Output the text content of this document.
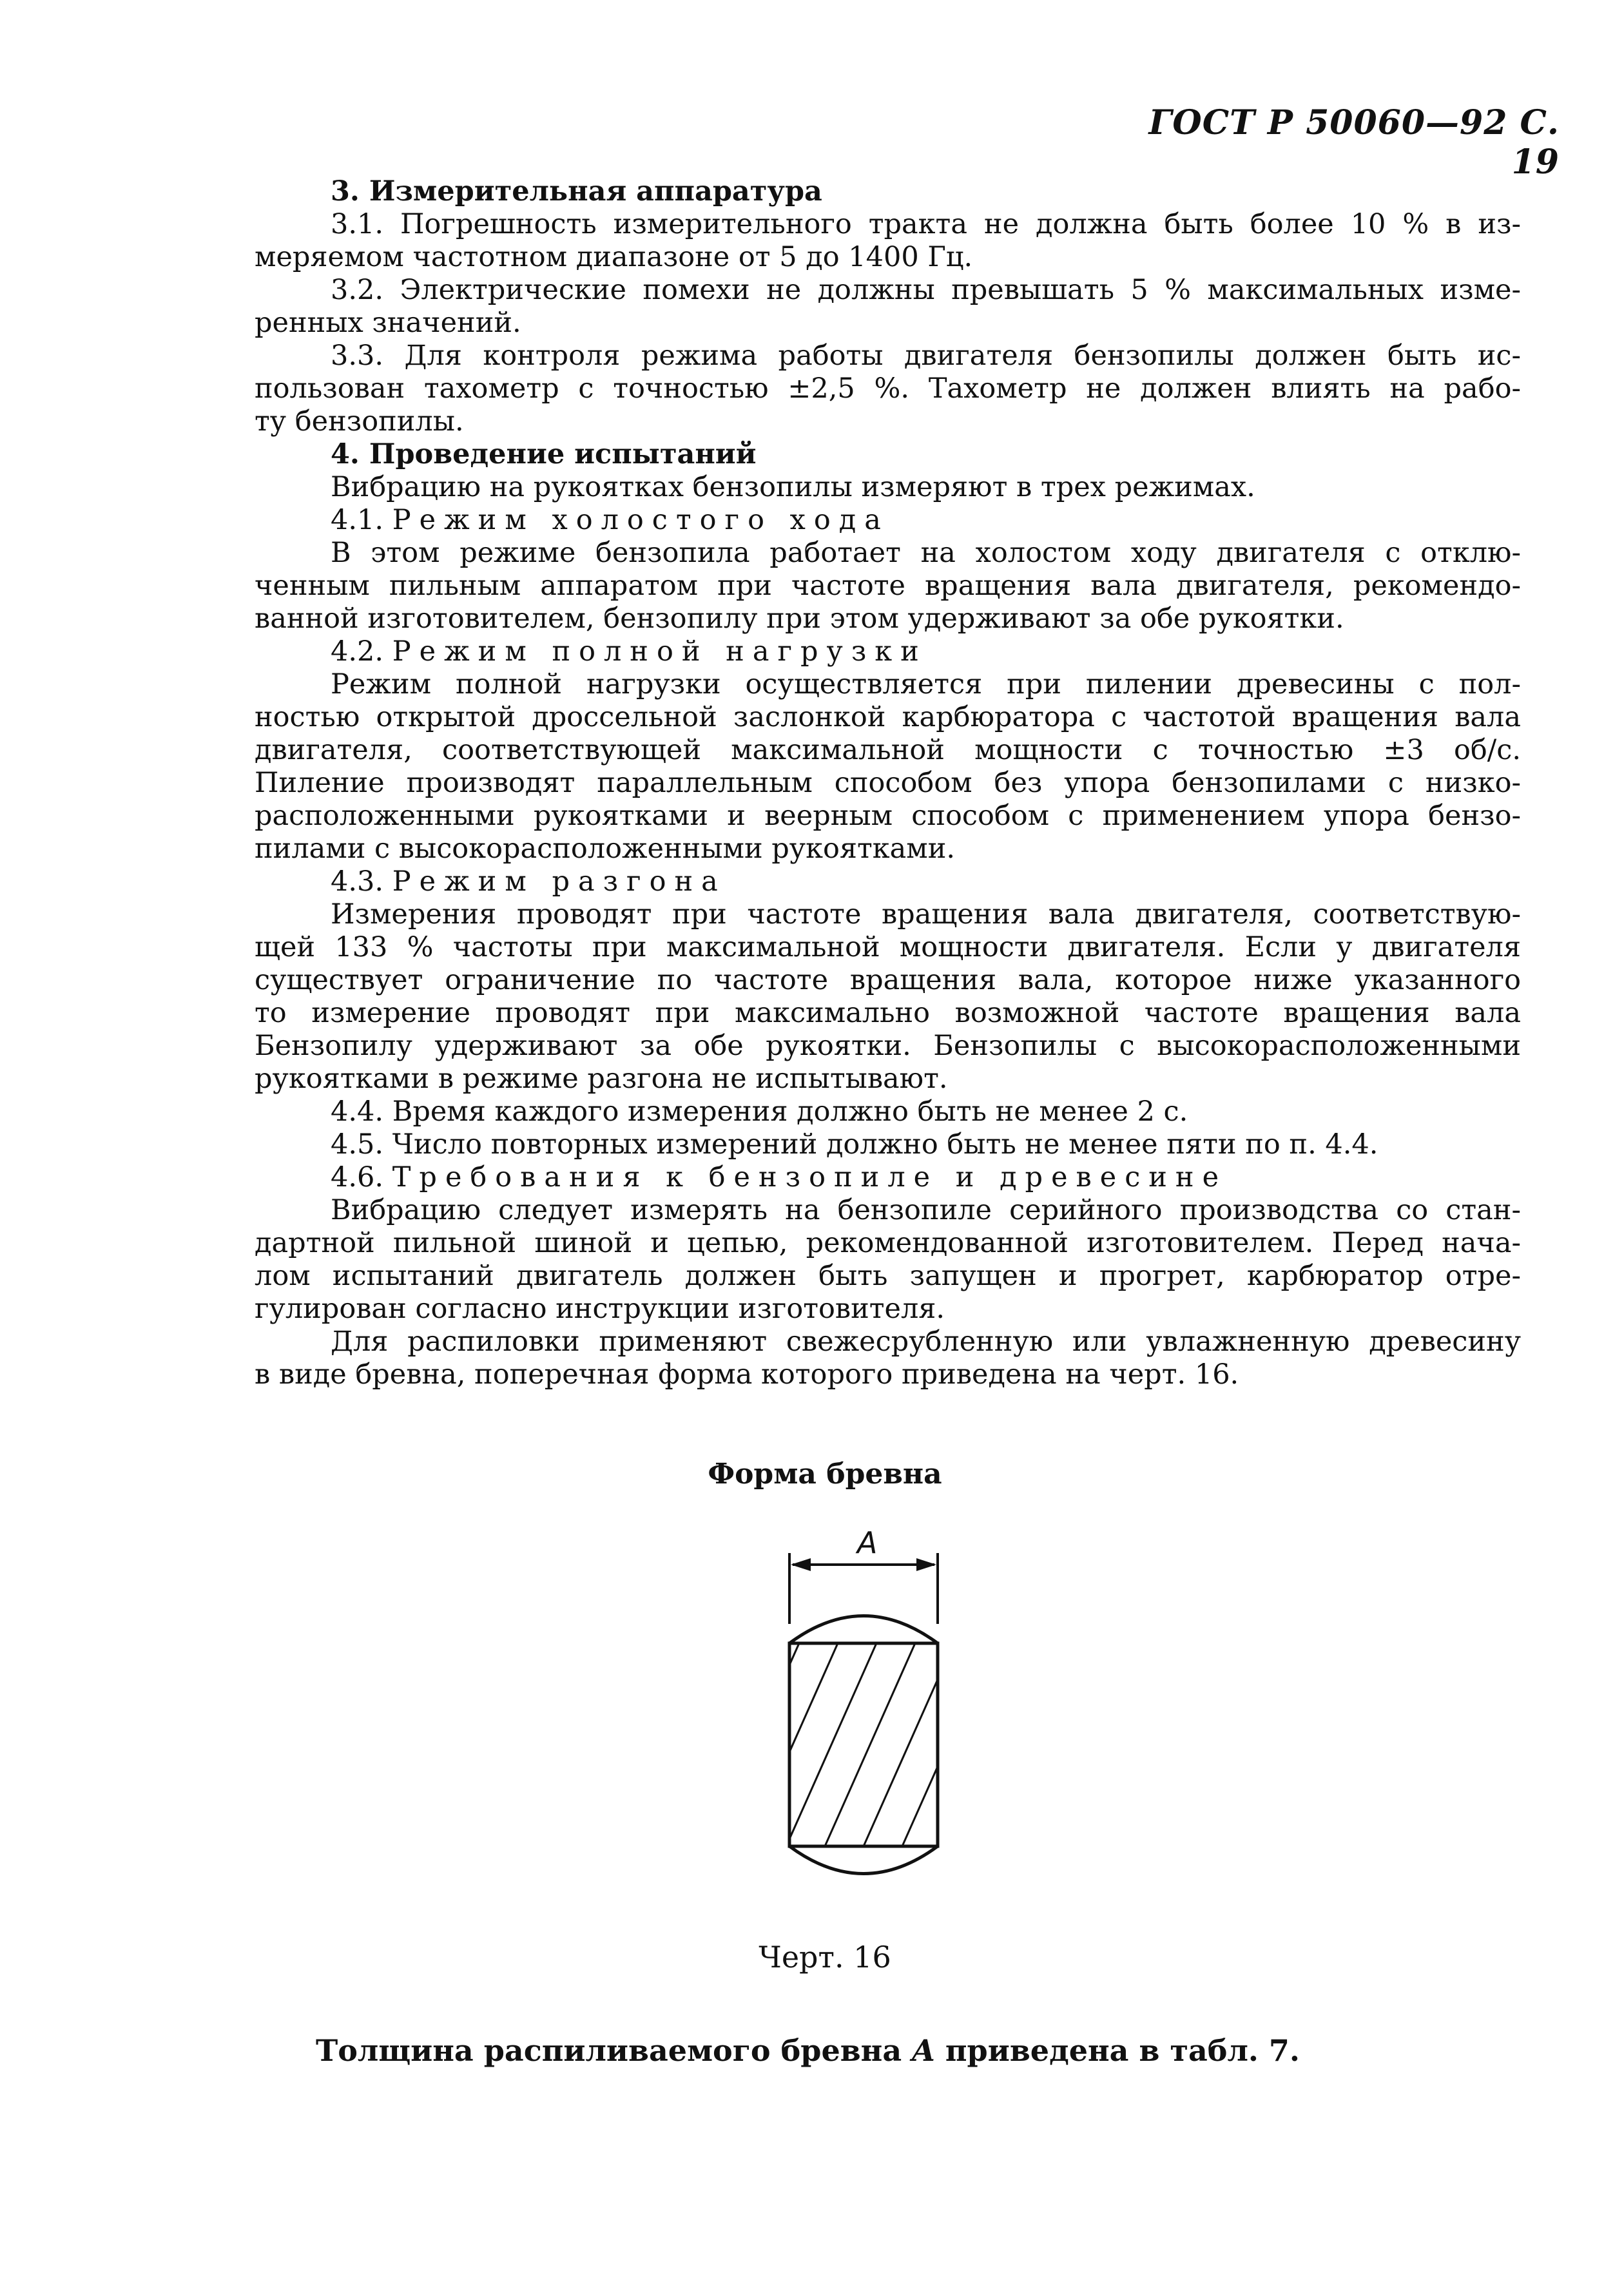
ГОСТ Р 50060—92 С. 19
3. Измерительная аппаратура
3.1. Погрешность измерительного тракта не должна быть более 10 % в из-
меряемом частотном диапазоне от 5 до 1400 Гц.
3.2. Электрические помехи не должны превышать 5 % максимальных изме-
ренных значений.
3.3. Для контроля режима работы двигателя бензопилы должен быть ис-
пользован тахометр с точностью ±2,5 %. Тахометр не должен влиять на рабо-
ту бензопилы.
4. Проведение испытаний
Вибрацию на рукоятках бензопилы измеряют в трех режимах.
4.1. Режим холостого хода
В этом режиме бензопила работает на холостом ходу двигателя с отклю-
ченным пильным аппаратом при частоте вращения вала двигателя, рекомендо-
ванной изготовителем, бензопилу при этом удерживают за обе рукоятки.
4.2. Режим полной нагрузки
Режим полной нагрузки осуществляется при пилении древесины с пол-
ностью открытой дроссельной заслонкой карбюратора с частотой вращения вала
двигателя, соответствующей максимальной мощности с точностью ±3 об/с.
Пиление производят параллельным способом без упора бензопилами с низко-
расположенными рукоятками и веерным способом с применением упора бензо-
пилами с высокорасположенными рукоятками.
4.3. Режим разгона
Измерения проводят при частоте вращения вала двигателя, соответствую-
щей 133 % частоты при максимальной мощности двигателя. Если у двигателя
существует ограничение по частоте вращения вала, которое ниже указанного
то измерение проводят при максимально возможной частоте вращения вала
Бензопилу удерживают за обе рукоятки. Бензопилы с высокорасположенными
рукоятками в режиме разгона не испытывают.
4.4. Время каждого измерения должно быть не менее 2 с.
4.5. Число повторных измерений должно быть не менее пяти по п. 4.4.
4.6. Требования к бензопиле и древесине
Вибрацию следует измерять на бензопиле серийного производства со стан-
дартной пильной шиной и цепью, рекомендованной изготовителем. Перед нача-
лом испытаний двигатель должен быть запущен и прогрет, карбюратор отре-
гулирован согласно инструкции изготовителя.
Для распиловки применяют свежесрубленную или увлажненную древесину
в виде бревна, поперечная форма которого приведена на черт. 16.
Форма бревна
A
Черт. 16
Толщина распиливаемого бревна A приведена в табл. 7.
